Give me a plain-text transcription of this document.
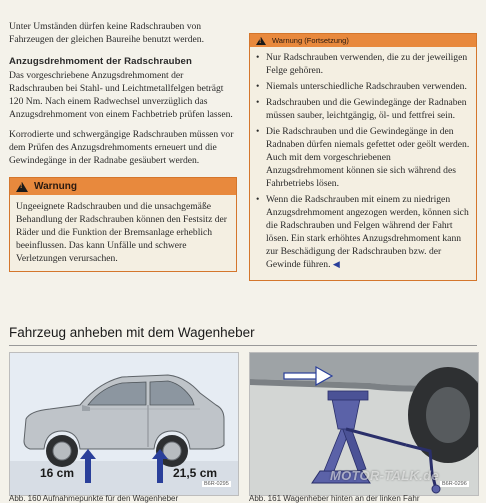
Unter Umständen dürfen keine Radschrauben von Fahrzeugen der gleichen Baureihe benutzt werden.

Anzugsdrehmoment der Radschrauben

Das vorgeschriebene Anzugsdrehmoment der Radschrauben bei Stahl- und Leichtmetallfelgen beträgt 120 Nm. Nach einem Radwechsel unverzüglich das Anzugsdrehmoment von einem Fachbetrieb prüfen lassen.

Korrodierte und schwergängige Radschrauben müssen vor dem Prüfen des Anzugsdrehmoments erneuert und die Gewindegänge in der Radnabe gesäubert werden.

!
Warnung
Ungeeignete Radschrauben und die unsachgemäße Behandlung der Radschrauben können den Festsitz der Räder und die Funktion der Bremsanlage erheblich beeinflussen. Das kann Unfälle und schwere Verletzungen verursachen.
!
Warnung (Fortsetzung)
• Nur Radschrauben verwenden, die zu der jeweiligen Felge gehören.
• Niemals unterschiedliche Radschrauben verwenden.
• Radschrauben und die Gewindegänge der Radnaben müssen sauber, leichtgängig, öl- und fettfrei sein.
• Die Radschrauben und die Gewindegänge in den Radnaben dürfen niemals gefettet oder geölt werden. Auch mit dem vorgeschriebenen Anzugsdrehmoment können sie sich während des Fahrbetriebs lösen.
• Wenn die Radschrauben mit einem zu niedrigen Anzugsdrehmoment angezogen werden, können sich die Radschrauben und Felgen während der Fahrt lösen. Ein stark erhöhtes Anzugsdrehmoment kann zur Beschädigung der Radschrauben bzw. der Gewinde führen. ◀
Fahrzeug anheben mit dem Wagenheber
16 cm	21,5 cm
B6R-0295	B6R-0296
Abb. 160 Aufnahmepunkte für den Wagenheber	Abb. 161 Wagenheber hinten an der linken Fahr
MOTOR-TALK.de
